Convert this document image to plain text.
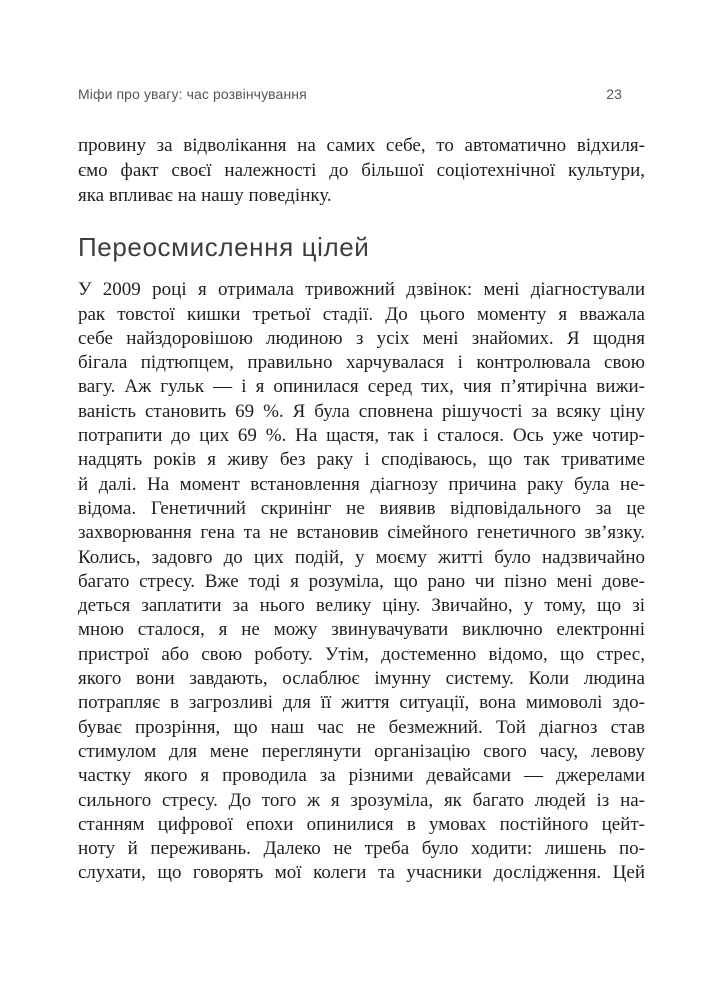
Міфи про увагу: час розвінчування	23
провину за відволікання на самих себе, то автоматично відхиля-
ємо факт своєї належності до більшої соціотехнічної культури,
яка впливає на нашу поведінку.
Переосмислення цілей
У 2009 році я отримала тривожний дзвінок: мені діагностували
рак товстої кишки третьої стадії. До цього моменту я вважала
себе найздоровішою людиною з усіх мені знайомих. Я щодня
бігала підтюпцем, правильно харчувалася і контролювала свою
вагу. Аж гульк — і я опинилася серед тих, чия п’ятирічна вижи-
ваність становить 69 %. Я була сповнена рішучості за всяку ціну
потрапити до цих 69 %. На щастя, так і сталося. Ось уже чотир-
надцять років я живу без раку і сподіваюсь, що так триватиме
й далі. На момент встановлення діагнозу причина раку була не-
відома. Генетичний скринінг не виявив відповідального за це
захворювання гена та не встановив сімейного генетичного зв’язку.
Колись, задовго до цих подій, у моєму житті було надзвичайно
багато стресу. Вже тоді я розуміла, що рано чи пізно мені дове-
деться заплатити за нього велику ціну. Звичайно, у тому, що зі
мною сталося, я не можу звинувачувати виключно електронні
пристрої або свою роботу. Утім, достеменно відомо, що стрес,
якого вони завдають, ослаблює імунну систему. Коли людина
потрапляє в загрозливі для її життя ситуації, вона мимоволі здо-
буває прозріння, що наш час не безмежний. Той діагноз став
стимулом для мене переглянути організацію свого часу, левову
частку якого я проводила за різними девайсами — джерелами
сильного стресу. До того ж я зрозуміла, як багато людей із на-
станням цифрової епохи опинилися в умовах постійного цейт-
ноту й переживань. Далеко не треба було ходити: лишень по-
слухати, що говорять мої колеги та учасники дослідження. Цей
